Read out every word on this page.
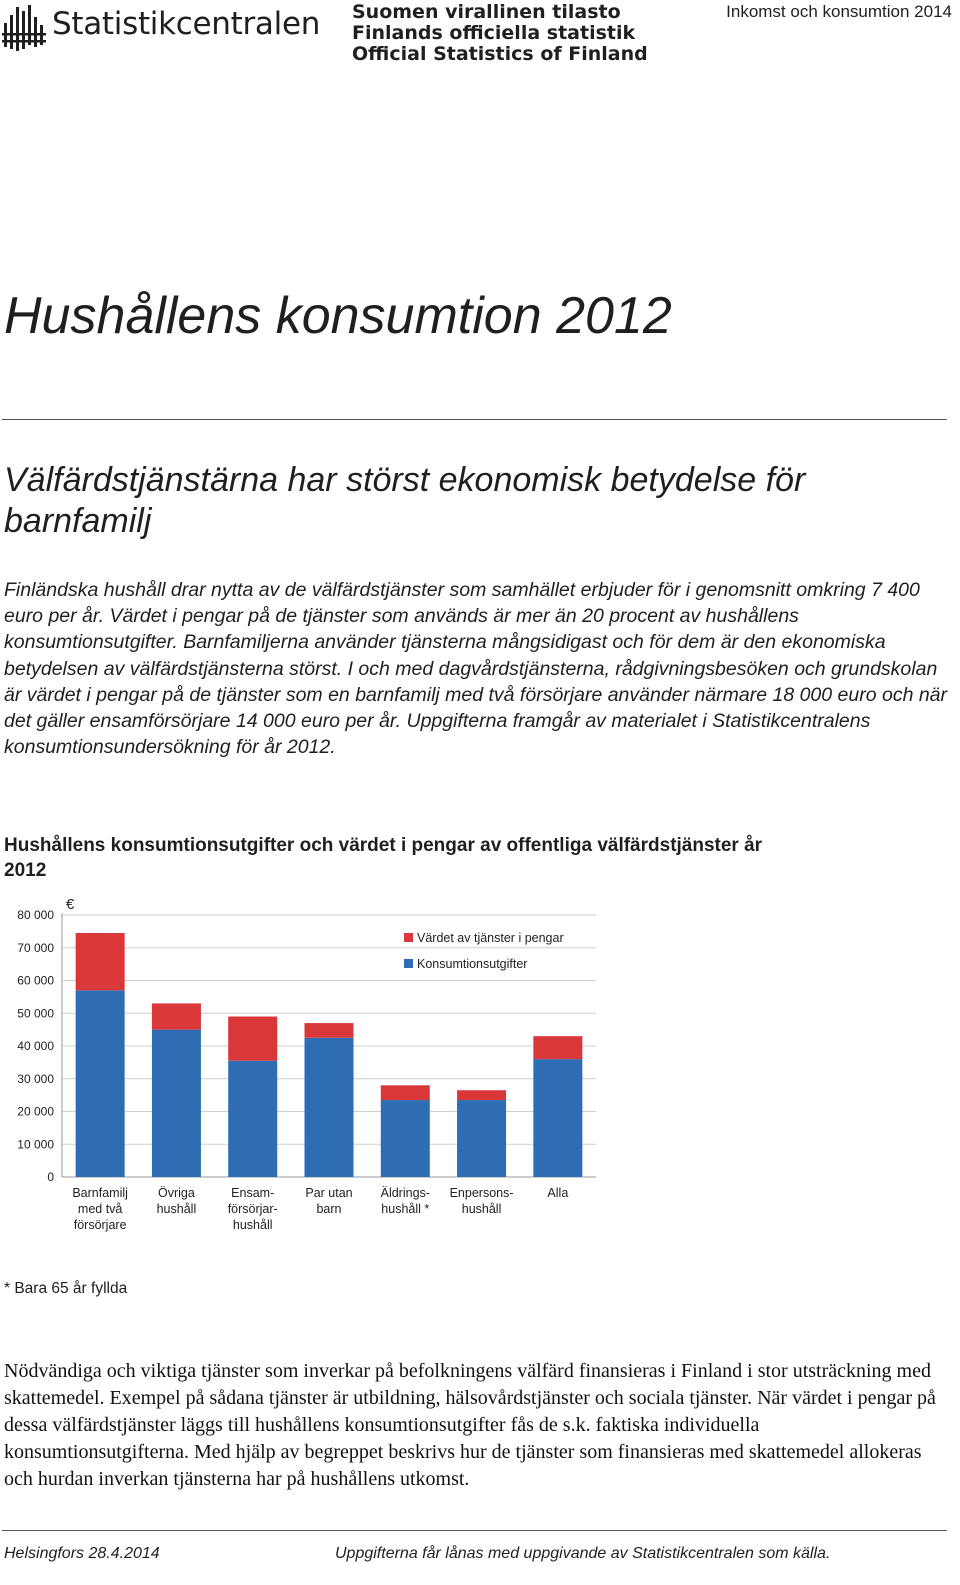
Statistikcentralen Suomen virallinen tilasto
Finlands officiella statistik
Official Statistics of Finland
Inkomst och konsumtion 2014
Hushållens konsumtion 2012
Välfärdstjänstärna har störst ekonomisk betydelse för barnfamilj
Finländska hushåll drar nytta av de välfärdstjänster som samhället erbjuder för i genomsnitt omkring 7 400 euro per år. Värdet i pengar på de tjänster som används är mer än 20 procent av hushållens konsumtionsutgifter. Barnfamiljerna använder tjänsterna mångsidigast och för dem är den ekonomiska betydelsen av välfärdstjänsterna störst. I och med dagvårdstjänsterna, rådgivningsbesöken och grundskolan är värdet i pengar på de tjänster som en barnfamilj med två försörjare använder närmare 18 000 euro och när det gäller ensamförsörjare 14 000 euro per år. Uppgifterna framgår av materialet i Statistikcentralens konsumtionsundersökning för år 2012.
Hushållens konsumtionsutgifter och värdet i pengar av offentliga välfärdstjänster år 2012
0
10 000
20 000
30 000
40 000
50 000
60 000
70 000
80 000
€
Barnfamilj
med två
försörjare
Övriga
hushåll
Ensam-
försörjar-
hushåll
Par utan
barn
Äldrings-
hushåll *
Enpersons-
hushåll
Alla
Värdet av tjänster i pengar
Konsumtionsutgifter
* Bara 65 år fyllda
Nödvändiga och viktiga tjänster som inverkar på befolkningens välfärd finansieras i Finland i stor utsträckning med skattemedel. Exempel på sådana tjänster är utbildning, hälsovårdstjänster och sociala tjänster. När värdet i pengar på dessa välfärdstjänster läggs till hushållens konsumtionsutgifter fås de s.k. faktiska individuella konsumtionsutgifterna. Med hjälp av begreppet beskrivs hur de tjänster som finansieras med skattemedel allokeras och hurdan inverkan tjänsterna har på hushållens utkomst.
Helsingfors 28.4.2014	Uppgifterna får lånas med uppgivande av Statistikcentralen som källa.
